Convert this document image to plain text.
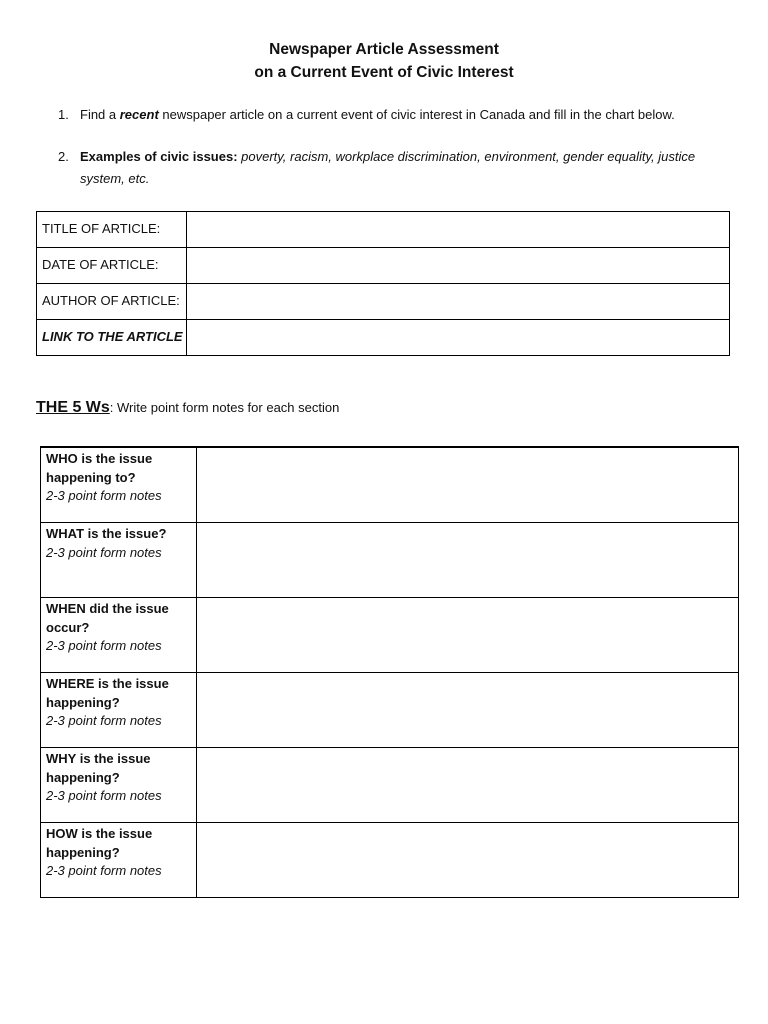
Newspaper Article Assessment
on a Current Event of Civic Interest
1. Find a recent newspaper article on a current event of civic interest in Canada and fill in the chart below.
2. Examples of civic issues: poverty, racism, workplace discrimination, environment, gender equality, justice system, etc.
TITLE OF ARTICLE:	
DATE OF ARTICLE:	
AUTHOR OF ARTICLE:	
LINK TO THE ARTICLE	
THE 5 Ws: Write point form notes for each section
WHO is the issue happening to?
2-3 point form notes	

WHAT is the issue?
2-3 point form notes	

WHEN did the issue occur?
2-3 point form notes	

WHERE is the issue happening?
2-3 point form notes	

WHY is the issue happening?
2-3 point form notes	

HOW is the issue happening?
2-3 point form notes	
